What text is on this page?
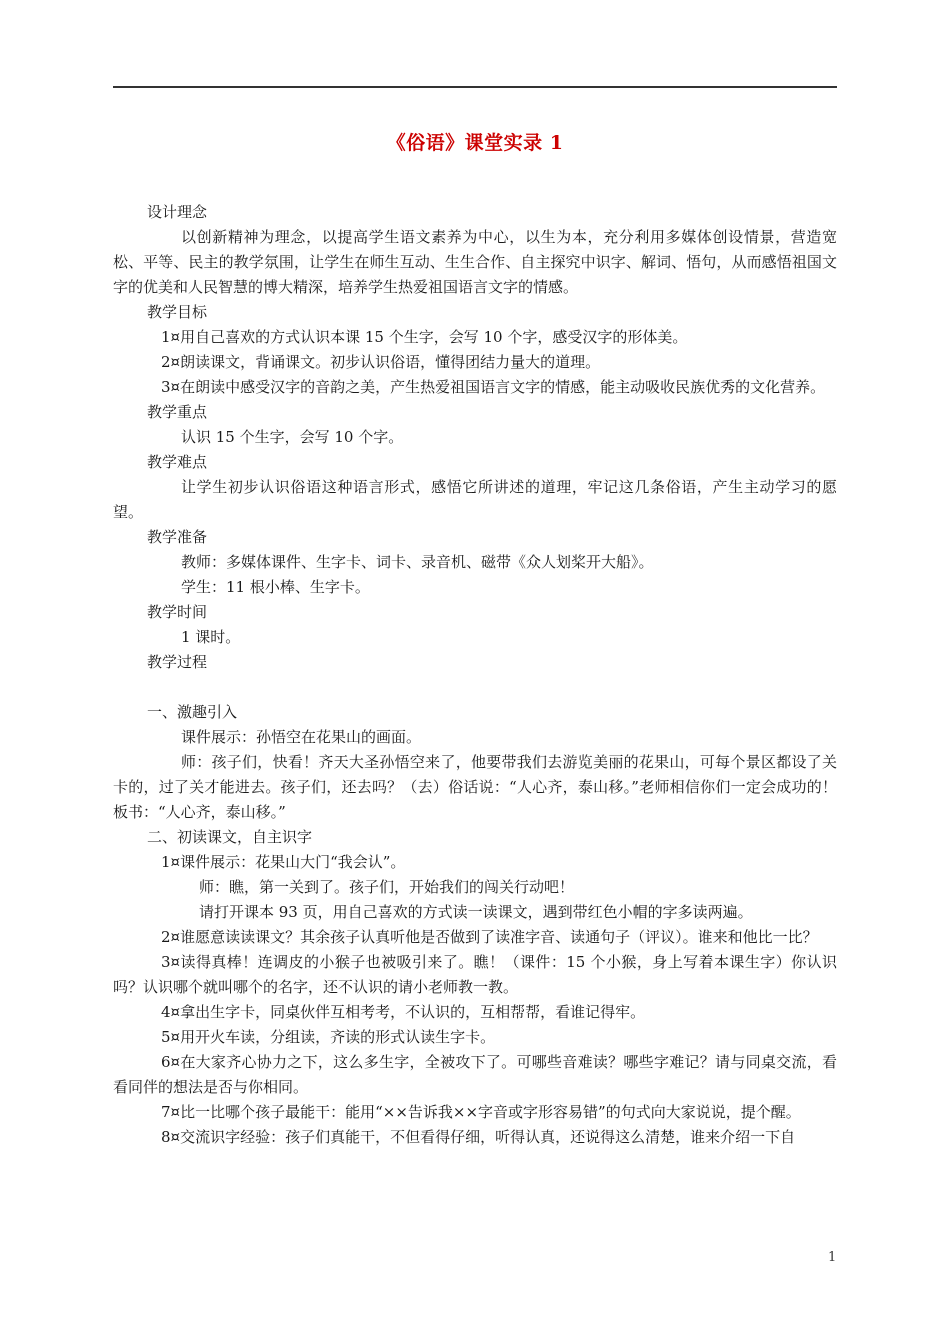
《俗语》课堂实录 1

设计理念

以创新精神为理念，以提高学生语文素养为中心，以生为本，充分利用多媒体创设情景，营造宽松、平等、民主的教学氛围，让学生在师生互动、生生合作、自主探究中识字、解词、悟句，从而感悟祖国文字的优美和人民智慧的博大精深，培养学生热爱祖国语言文字的情感。

教学目标

1¤用自己喜欢的方式认识本课 15 个生字，会写 10 个字，感受汉字的形体美。

2¤朗读课文，背诵课文。初步认识俗语，懂得团结力量大的道理。

3¤在朗读中感受汉字的音韵之美，产生热爱祖国语言文字的情感，能主动吸收民族优秀的文化营养。

教学重点

认识 15 个生字，会写 10 个字。

教学难点

让学生初步认识俗语这种语言形式，感悟它所讲述的道理，牢记这几条俗语，产生主动学习的愿望。

教学准备

教师：多媒体课件、生字卡、词卡、录音机、磁带《众人划桨开大船》。

学生：11 根小棒、生字卡。

教学时间

1 课时。

教学过程

一、激趣引入

课件展示：孙悟空在花果山的画面。

师：孩子们，快看！齐天大圣孙悟空来了，他要带我们去游览美丽的花果山，可每个景区都设了关卡的，过了关才能进去。孩子们，还去吗？（去）俗话说：“人心齐，泰山移。”老师相信你们一定会成功的！板书：“人心齐，泰山移。”

二、初读课文，自主识字

1¤课件展示：花果山大门“我会认”。

师：瞧，第一关到了。孩子们，开始我们的闯关行动吧！

请打开课本 93 页，用自己喜欢的方式读一读课文，遇到带红色小帽的字多读两遍。

2¤谁愿意读读课文？其余孩子认真听他是否做到了读准字音、读通句子（评议）。谁来和他比一比？

3¤读得真棒！连调皮的小猴子也被吸引来了。瞧！（课件：15 个小猴，身上写着本课生字）你认识吗？认识哪个就叫哪个的名字，还不认识的请小老师教一教。

4¤拿出生字卡，同桌伙伴互相考考，不认识的，互相帮帮，看谁记得牢。

5¤用开火车读，分组读，齐读的形式认读生字卡。

6¤在大家齐心协力之下，这么多生字，全被攻下了。可哪些音难读？哪些字难记？请与同桌交流，看看同伴的想法是否与你相同。

7¤比一比哪个孩子最能干：能用“××告诉我××字音或字形容易错”的句式向大家说说，提个醒。

8¤交流识字经验：孩子们真能干，不但看得仔细，听得认真，还说得这么清楚，谁来介绍一下自

1
